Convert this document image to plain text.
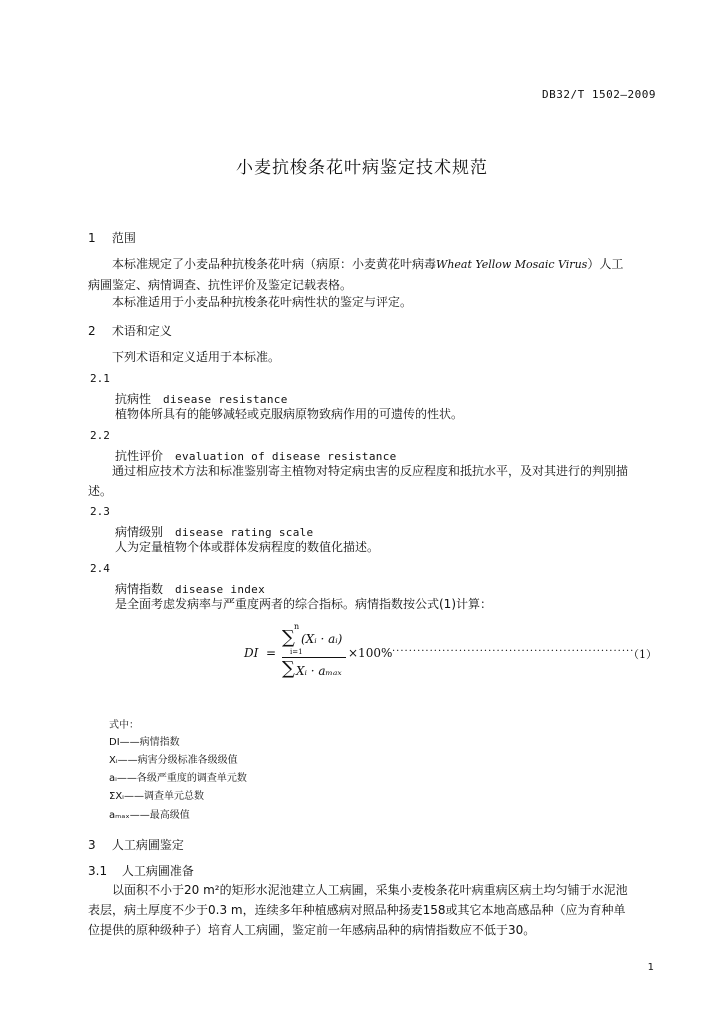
DB32/T 1502—2009
小麦抗梭条花叶病鉴定技术规范
1 范围
本标准规定了小麦品种抗梭条花叶病（病原：小麦黄花叶病毒Wheat Yellow Mosaic Virus）人工病圃鉴定、病情调查、抗性评价及鉴定记载表格。
本标准适用于小麦品种抗梭条花叶病性状的鉴定与评定。
2 术语和定义
下列术语和定义适用于本标准。
2.1
抗病性 disease resistance
植物体所具有的能够减轻或克服病原物致病作用的可遗传的性状。
2.2
抗性评价 evaluation of disease resistance
通过相应技术方法和标准鉴别寄主植物对特定病虫害的反应程度和抵抗水平，及对其进行的判别描述。
2.3
病情级别 disease rating scale
人为定量植物个体或群体发病程度的数值化描述。
2.4
病情指数 disease index
是全面考虑发病率与严重度两者的综合指标。病情指数按公式(1)计算：
DI =
n
∑
i=1
(Xᵢ · aᵢ)
∑ Xᵢ · aₘₐₓ
×100% ··························································
（1）
式中：
DI——病情指数
Xᵢ——病害分级标准各级级值
aᵢ——各级严重度的调查单元数
ΣXᵢ——调查单元总数
aₘₐₓ——最高级值
3 人工病圃鉴定
3.1 人工病圃准备
以面积不小于20 m²的矩形水泥池建立人工病圃，采集小麦梭条花叶病重病区病土均匀铺于水泥池表层，病土厚度不少于0.3 m，连续多年种植感病对照品种扬麦158或其它本地高感品种（应为育种单位提供的原种级种子）培育人工病圃，鉴定前一年感病品种的病情指数应不低于30。
1
